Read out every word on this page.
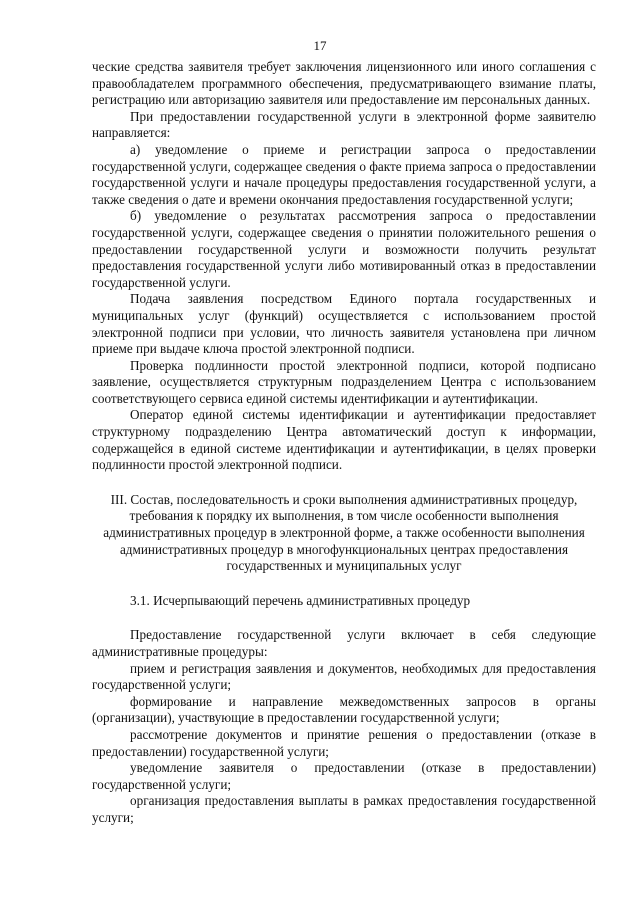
17

ческие средства заявителя требует заключения лицензионного или иного соглашения с правообладателем программного обеспечения, предусматривающего взимание платы, регистрацию или авторизацию заявителя или предоставление им персональных данных.

При предоставлении государственной услуги в электронной форме заявителю направляется:

а) уведомление о приеме и регистрации запроса о предоставлении государственной услуги, содержащее сведения о факте приема запроса о предоставлении государственной услуги и начале процедуры предоставления государственной услуги, а также сведения о дате и времени окончания предоставления государственной услуги;

б) уведомление о результатах рассмотрения запроса о предоставлении государственной услуги, содержащее сведения о принятии положительного решения о предоставлении государственной услуги и возможности получить результат предоставления государственной услуги либо мотивированный отказ в предоставлении государственной услуги.

Подача заявления посредством Единого портала государственных и муниципальных услуг (функций) осуществляется с использованием простой электронной подписи при условии, что личность заявителя установлена при личном приеме при выдаче ключа простой электронной подписи.

Проверка подлинности простой электронной подписи, которой подписано заявление, осуществляется структурным подразделением Центра с использованием соответствующего сервиса единой системы идентификации и аутентификации.

Оператор единой системы идентификации и аутентификации предоставляет структурному подразделению Центра автоматический доступ к информации, содержащейся в единой системе идентификации и аутентификации, в целях проверки подлинности простой электронной подписи.

III. Состав, последовательность и сроки выполнения административных процедур, требования к порядку их выполнения, в том числе особенности выполнения административных процедур в электронной форме, а также особенности выполнения административных процедур в многофункциональных центрах предоставления государственных и муниципальных услуг

3.1. Исчерпывающий перечень административных процедур

Предоставление государственной услуги включает в себя следующие административные процедуры:

прием и регистрация заявления и документов, необходимых для предоставления государственной услуги;

формирование и направление межведомственных запросов в органы (организации), участвующие в предоставлении государственной услуги;

рассмотрение документов и принятие решения о предоставлении (отказе в предоставлении) государственной услуги;

уведомление заявителя о предоставлении (отказе в предоставлении) государственной услуги;

организация предоставления выплаты в рамках предоставления государственной услуги;
